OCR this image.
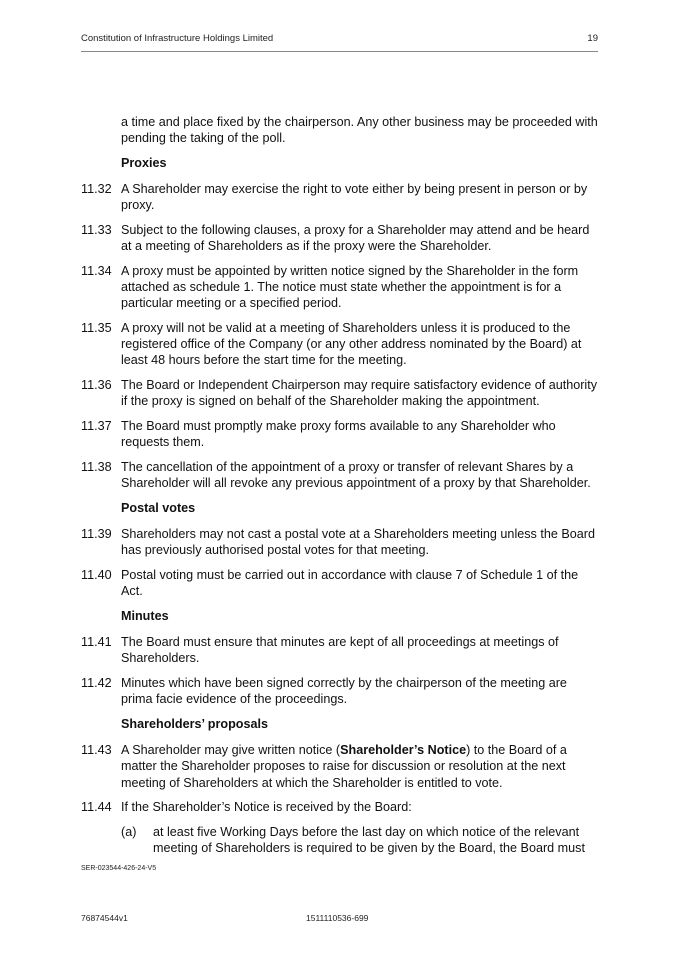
Constitution of Infrastructure Holdings Limited	19

a time and place fixed by the chairperson. Any other business may be proceeded with pending the taking of the poll.

Proxies

11.32 A Shareholder may exercise the right to vote either by being present in person or by proxy.
11.33 Subject to the following clauses, a proxy for a Shareholder may attend and be heard at a meeting of Shareholders as if the proxy were the Shareholder.
11.34 A proxy must be appointed by written notice signed by the Shareholder in the form attached as schedule 1. The notice must state whether the appointment is for a particular meeting or a specified period.
11.35 A proxy will not be valid at a meeting of Shareholders unless it is produced to the registered office of the Company (or any other address nominated by the Board) at least 48 hours before the start time for the meeting.
11.36 The Board or Independent Chairperson may require satisfactory evidence of authority if the proxy is signed on behalf of the Shareholder making the appointment.
11.37 The Board must promptly make proxy forms available to any Shareholder who requests them.
11.38 The cancellation of the appointment of a proxy or transfer of relevant Shares by a Shareholder will all revoke any previous appointment of a proxy by that Shareholder.

Postal votes

11.39 Shareholders may not cast a postal vote at a Shareholders meeting unless the Board has previously authorised postal votes for that meeting.
11.40 Postal voting must be carried out in accordance with clause 7 of Schedule 1 of the Act.

Minutes

11.41 The Board must ensure that minutes are kept of all proceedings at meetings of Shareholders.
11.42 Minutes which have been signed correctly by the chairperson of the meeting are prima facie evidence of the proceedings.

Shareholders’ proposals

11.43 A Shareholder may give written notice (Shareholder’s Notice) to the Board of a matter the Shareholder proposes to raise for discussion or resolution at the next meeting of Shareholders at which the Shareholder is entitled to vote.
11.44 If the Shareholder’s Notice is received by the Board:
(a) at least five Working Days before the last day on which notice of the relevant meeting of Shareholders is required to be given by the Board, the Board must
SER-023544-426-24-V5
76874544v1	1511110536-699
